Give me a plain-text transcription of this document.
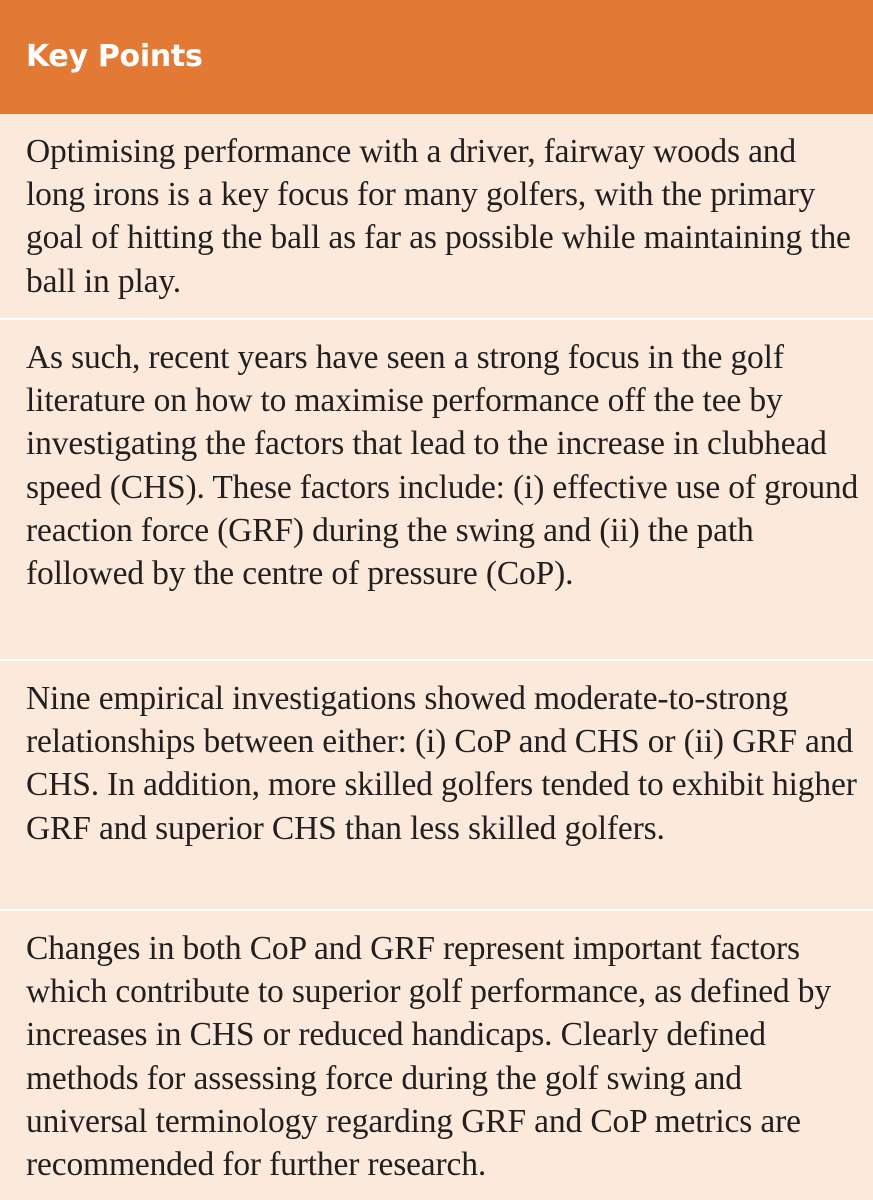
Key Points
Optimising performance with a driver, fairway woods and long irons is a key focus for many golfers, with the primary goal of hitting the ball as far as possible while maintaining the ball in play.
As such, recent years have seen a strong focus in the golf literature on how to maximise performance off the tee by investigating the factors that lead to the increase in clubhead speed (CHS). These factors include: (i) effective use of ground reaction force (GRF) during the swing and (ii) the path followed by the centre of pressure (CoP).
Nine empirical investigations showed moderate-to-strong relationships between either: (i) CoP and CHS or (ii) GRF and CHS. In addition, more skilled golfers tended to exhibit higher GRF and superior CHS than less skilled golfers.
Changes in both CoP and GRF represent important factors which contribute to superior golf performance, as defined by increases in CHS or reduced handicaps. Clearly defined methods for assessing force during the golf swing and universal terminology regarding GRF and CoP metrics are recommended for further research.
